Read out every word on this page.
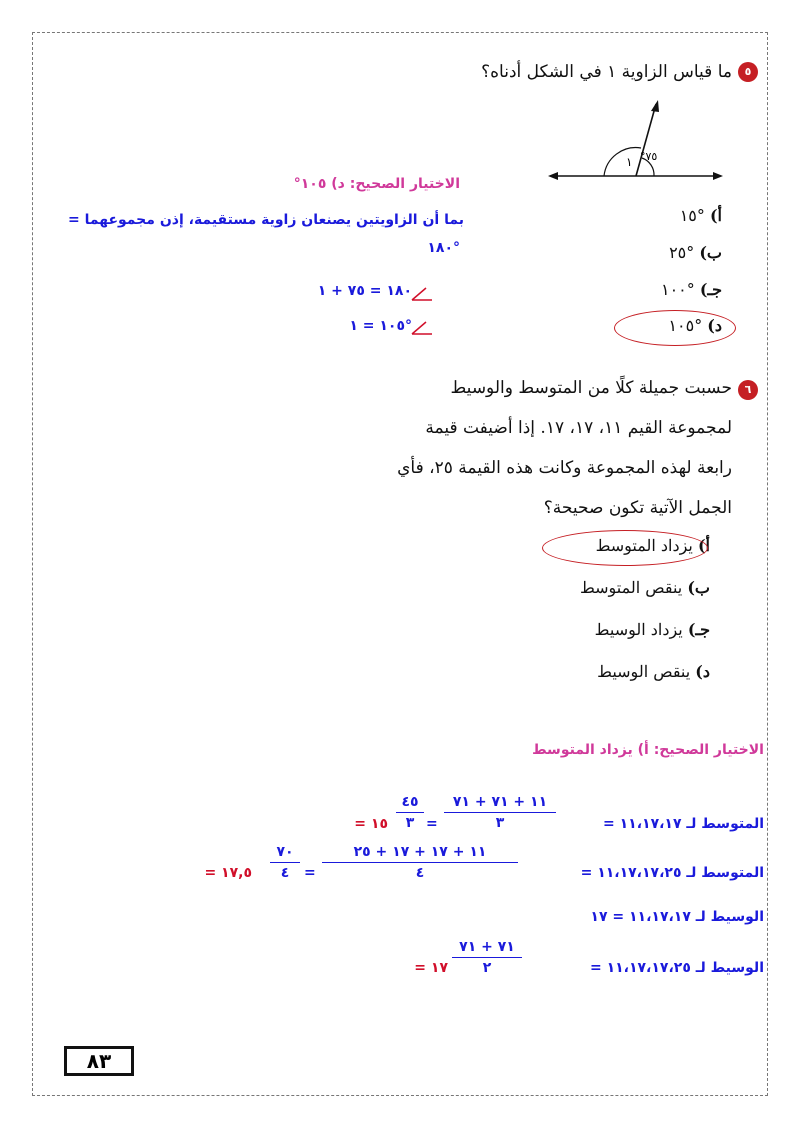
٥
ما قياس الزاوية ١ في الشكل أدناه؟
١ °٧٥
أ) °١٥
ب) °٢٥
جـ) °١٠٠
د) °١٠٥
الاختيار الصحيح: د) ١٠٥°
بما أن الزاويتين يصنعان زاوية مستقيمة، إذن مجموعهما =
°١٨٠
١٨٠ = ٧٥ + ١
°١٠٥ = ١
٦
حسبت جميلة كلًا من المتوسط والوسيط
لمجموعة القيم ١١، ١٧، ١٧. إذا أضيفت قيمة
رابعة لهذه المجموعة وكانت هذه القيمة ٢٥، فأي
الجمل الآتية تكون صحيحة؟
أ) يزداد المتوسط
ب) ينقص المتوسط
جـ) يزداد الوسيط
د) ينقص الوسيط
الاختيار الصحيح: أ) يزداد المتوسط
المتوسط لـ ١١،١٧،١٧ =
١١ + ٧١ + ٧١
٣
=
٤٥
٣
١٥ =
المتوسط لـ ١١،١٧،١٧،٢٥ =
١١ + ١٧ + ١٧ + ٢٥
٤
=
٧٠
٤
١٧,٥ =
الوسيط لـ ١١،١٧،١٧ = ١٧
الوسيط لـ ١١،١٧،١٧،٢٥ =
٧١ + ٧١
٢
١٧ =
٨٣
